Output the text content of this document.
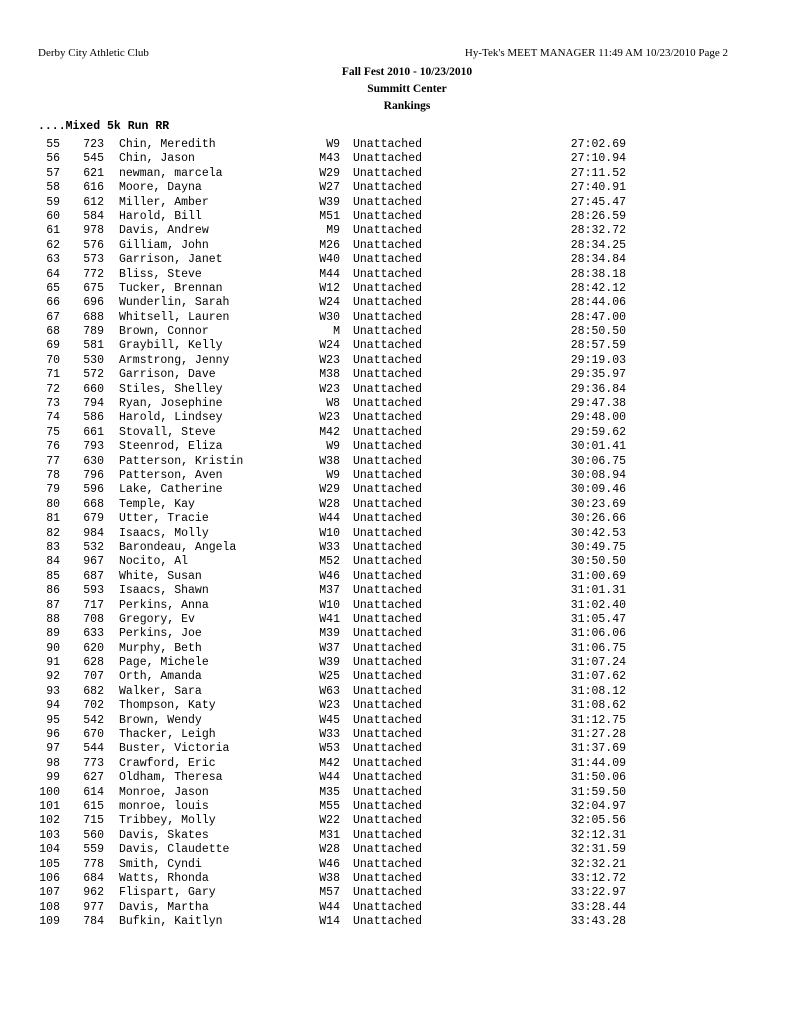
Derby City Athletic Club	Hy-Tek's MEET MANAGER 11:49 AM 10/23/2010 Page 2
Fall Fest 2010 - 10/23/2010
Summitt Center
Rankings
....Mixed 5k Run RR
55	723 Chin, Meredith	W9 Unattached	27:02.69
56	545 Chin, Jason	M43 Unattached	27:10.94
57	621 newman, marcela	W29 Unattached	27:11.52
58	616 Moore, Dayna	W27 Unattached	27:40.91
59	612 Miller, Amber	W39 Unattached	27:45.47
60	584 Harold, Bill	M51 Unattached	28:26.59
61	978 Davis, Andrew	M9 Unattached	28:32.72
62	576 Gilliam, John	M26 Unattached	28:34.25
63	573 Garrison, Janet	W40 Unattached	28:34.84
64	772 Bliss, Steve	M44 Unattached	28:38.18
65	675 Tucker, Brennan	W12 Unattached	28:42.12
66	696 Wunderlin, Sarah	W24 Unattached	28:44.06
67	688 Whitsell, Lauren	W30 Unattached	28:47.00
68	789 Brown, Connor	M Unattached	28:50.50
69	581 Graybill, Kelly	W24 Unattached	28:57.59
70	530 Armstrong, Jenny	W23 Unattached	29:19.03
71	572 Garrison, Dave	M38 Unattached	29:35.97
72	660 Stiles, Shelley	W23 Unattached	29:36.84
73	794 Ryan, Josephine	W8 Unattached	29:47.38
74	586 Harold, Lindsey	W23 Unattached	29:48.00
75	661 Stovall, Steve	M42 Unattached	29:59.62
76	793 Steenrod, Eliza	W9 Unattached	30:01.41
77	630 Patterson, Kristin	W38 Unattached	30:06.75
78	796 Patterson, Aven	W9 Unattached	30:08.94
79	596 Lake, Catherine	W29 Unattached	30:09.46
80	668 Temple, Kay	W28 Unattached	30:23.69
81	679 Utter, Tracie	W44 Unattached	30:26.66
82	984 Isaacs, Molly	W10 Unattached	30:42.53
83	532 Barondeau, Angela	W33 Unattached	30:49.75
84	967 Nocito, Al	M52 Unattached	30:50.50
85	687 White, Susan	W46 Unattached	31:00.69
86	593 Isaacs, Shawn	M37 Unattached	31:01.31
87	717 Perkins, Anna	W10 Unattached	31:02.40
88	708 Gregory, Ev	W41 Unattached	31:05.47
89	633 Perkins, Joe	M39 Unattached	31:06.06
90	620 Murphy, Beth	W37 Unattached	31:06.75
91	628 Page, Michele	W39 Unattached	31:07.24
92	707 Orth, Amanda	W25 Unattached	31:07.62
93	682 Walker, Sara	W63 Unattached	31:08.12
94	702 Thompson, Katy	W23 Unattached	31:08.62
95	542 Brown, Wendy	W45 Unattached	31:12.75
96	670 Thacker, Leigh	W33 Unattached	31:27.28
97	544 Buster, Victoria	W53 Unattached	31:37.69
98	773 Crawford, Eric	M42 Unattached	31:44.09
99	627 Oldham, Theresa	W44 Unattached	31:50.06
100	614 Monroe, Jason	M35 Unattached	31:59.50
101	615 monroe, louis	M55 Unattached	32:04.97
102	715 Tribbey, Molly	W22 Unattached	32:05.56
103	560 Davis, Skates	M31 Unattached	32:12.31
104	559 Davis, Claudette	W28 Unattached	32:31.59
105	778 Smith, Cyndi	W46 Unattached	32:32.21
106	684 Watts, Rhonda	W38 Unattached	33:12.72
107	962 Flispart, Gary	M57 Unattached	33:22.97
108	977 Davis, Martha	W44 Unattached	33:28.44
109	784 Bufkin, Kaitlyn	W14 Unattached	33:43.28
